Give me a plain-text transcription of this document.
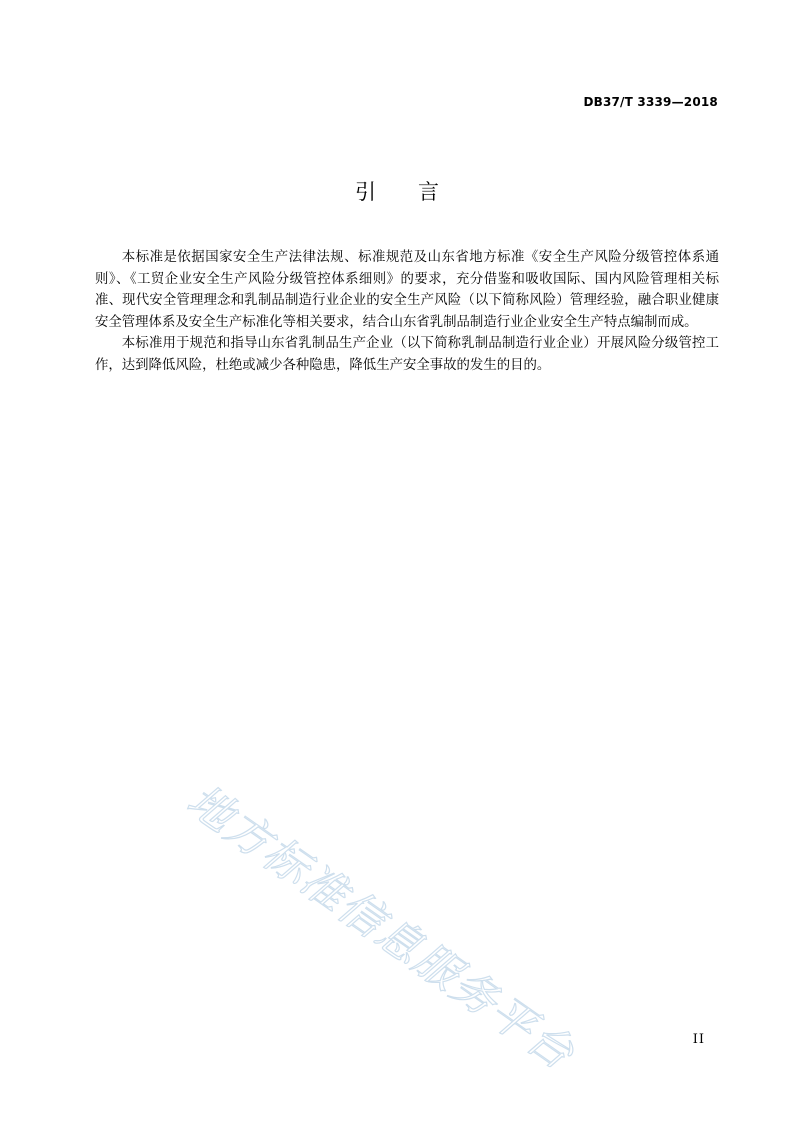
DB37/T 3339—2018
引 言

本标准是依据国家安全生产法律法规、标准规范及山东省地方标准《安全生产风险分级管控体系通则》、《工贸企业安全生产风险分级管控体系细则》的要求，充分借鉴和吸收国际、国内风险管理相关标准、现代安全管理理念和乳制品制造行业企业的安全生产风险（以下简称风险）管理经验，融合职业健康安全管理体系及安全生产标准化等相关要求，结合山东省乳制品制造行业企业安全生产特点编制而成。

本标准用于规范和指导山东省乳制品生产企业（以下简称乳制品制造行业企业）开展风险分级管控工作，达到降低风险，杜绝或减少各种隐患，降低生产安全事故的发生的目的。

地方标准信息服务平台	II
